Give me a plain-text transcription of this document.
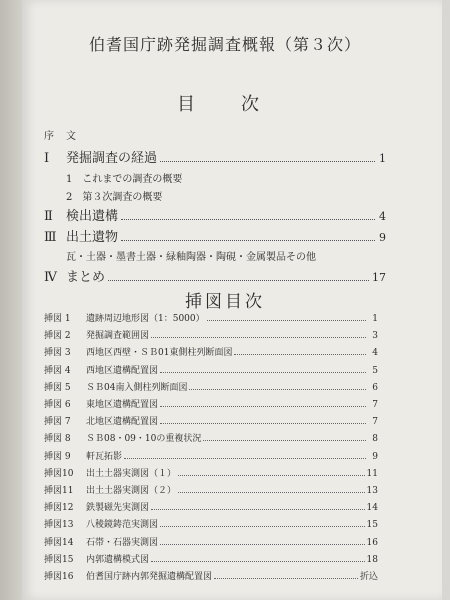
伯耆国庁跡発掘調査概報（第３次）
目　次
序	文
Ⅰ	発掘調査の経過	1
1　これまでの調査の概要
2　第３次調査の概要
Ⅱ	検出遺構	4
Ⅲ 出土遺物	9
瓦・土器・墨書土器・緑釉陶器・陶硯・金属製品その他
Ⅳ まとめ	17
挿図目次
挿図 1	遺跡周辺地形図（1：5000）	1
挿図 2	発掘調査範囲図	3
挿図 3	西地区西壁・ＳＢ01東側柱列断面図	4
挿図 4	西地区遺構配置図	5
挿図 5	ＳＢ04南入側柱列断面図	6
挿図 6	東地区遺構配置図	7
挿図 7	北地区遺構配置図	7
挿図 8	ＳＢ08・09・10の重複状況	8
挿図 9	軒瓦拓影	9
挿図10	出土土器実測図（１）	11
挿図11	出土土器実測図（２）	13
挿図12	鉄製磁先実測図	14
挿図13	八稜鏡鋳范実測図	15
挿図14	石帯・石器実測図	16
挿図15	内郭遺構模式図	18
挿図16	伯耆国庁跡内郭発掘遺構配置図	折込
